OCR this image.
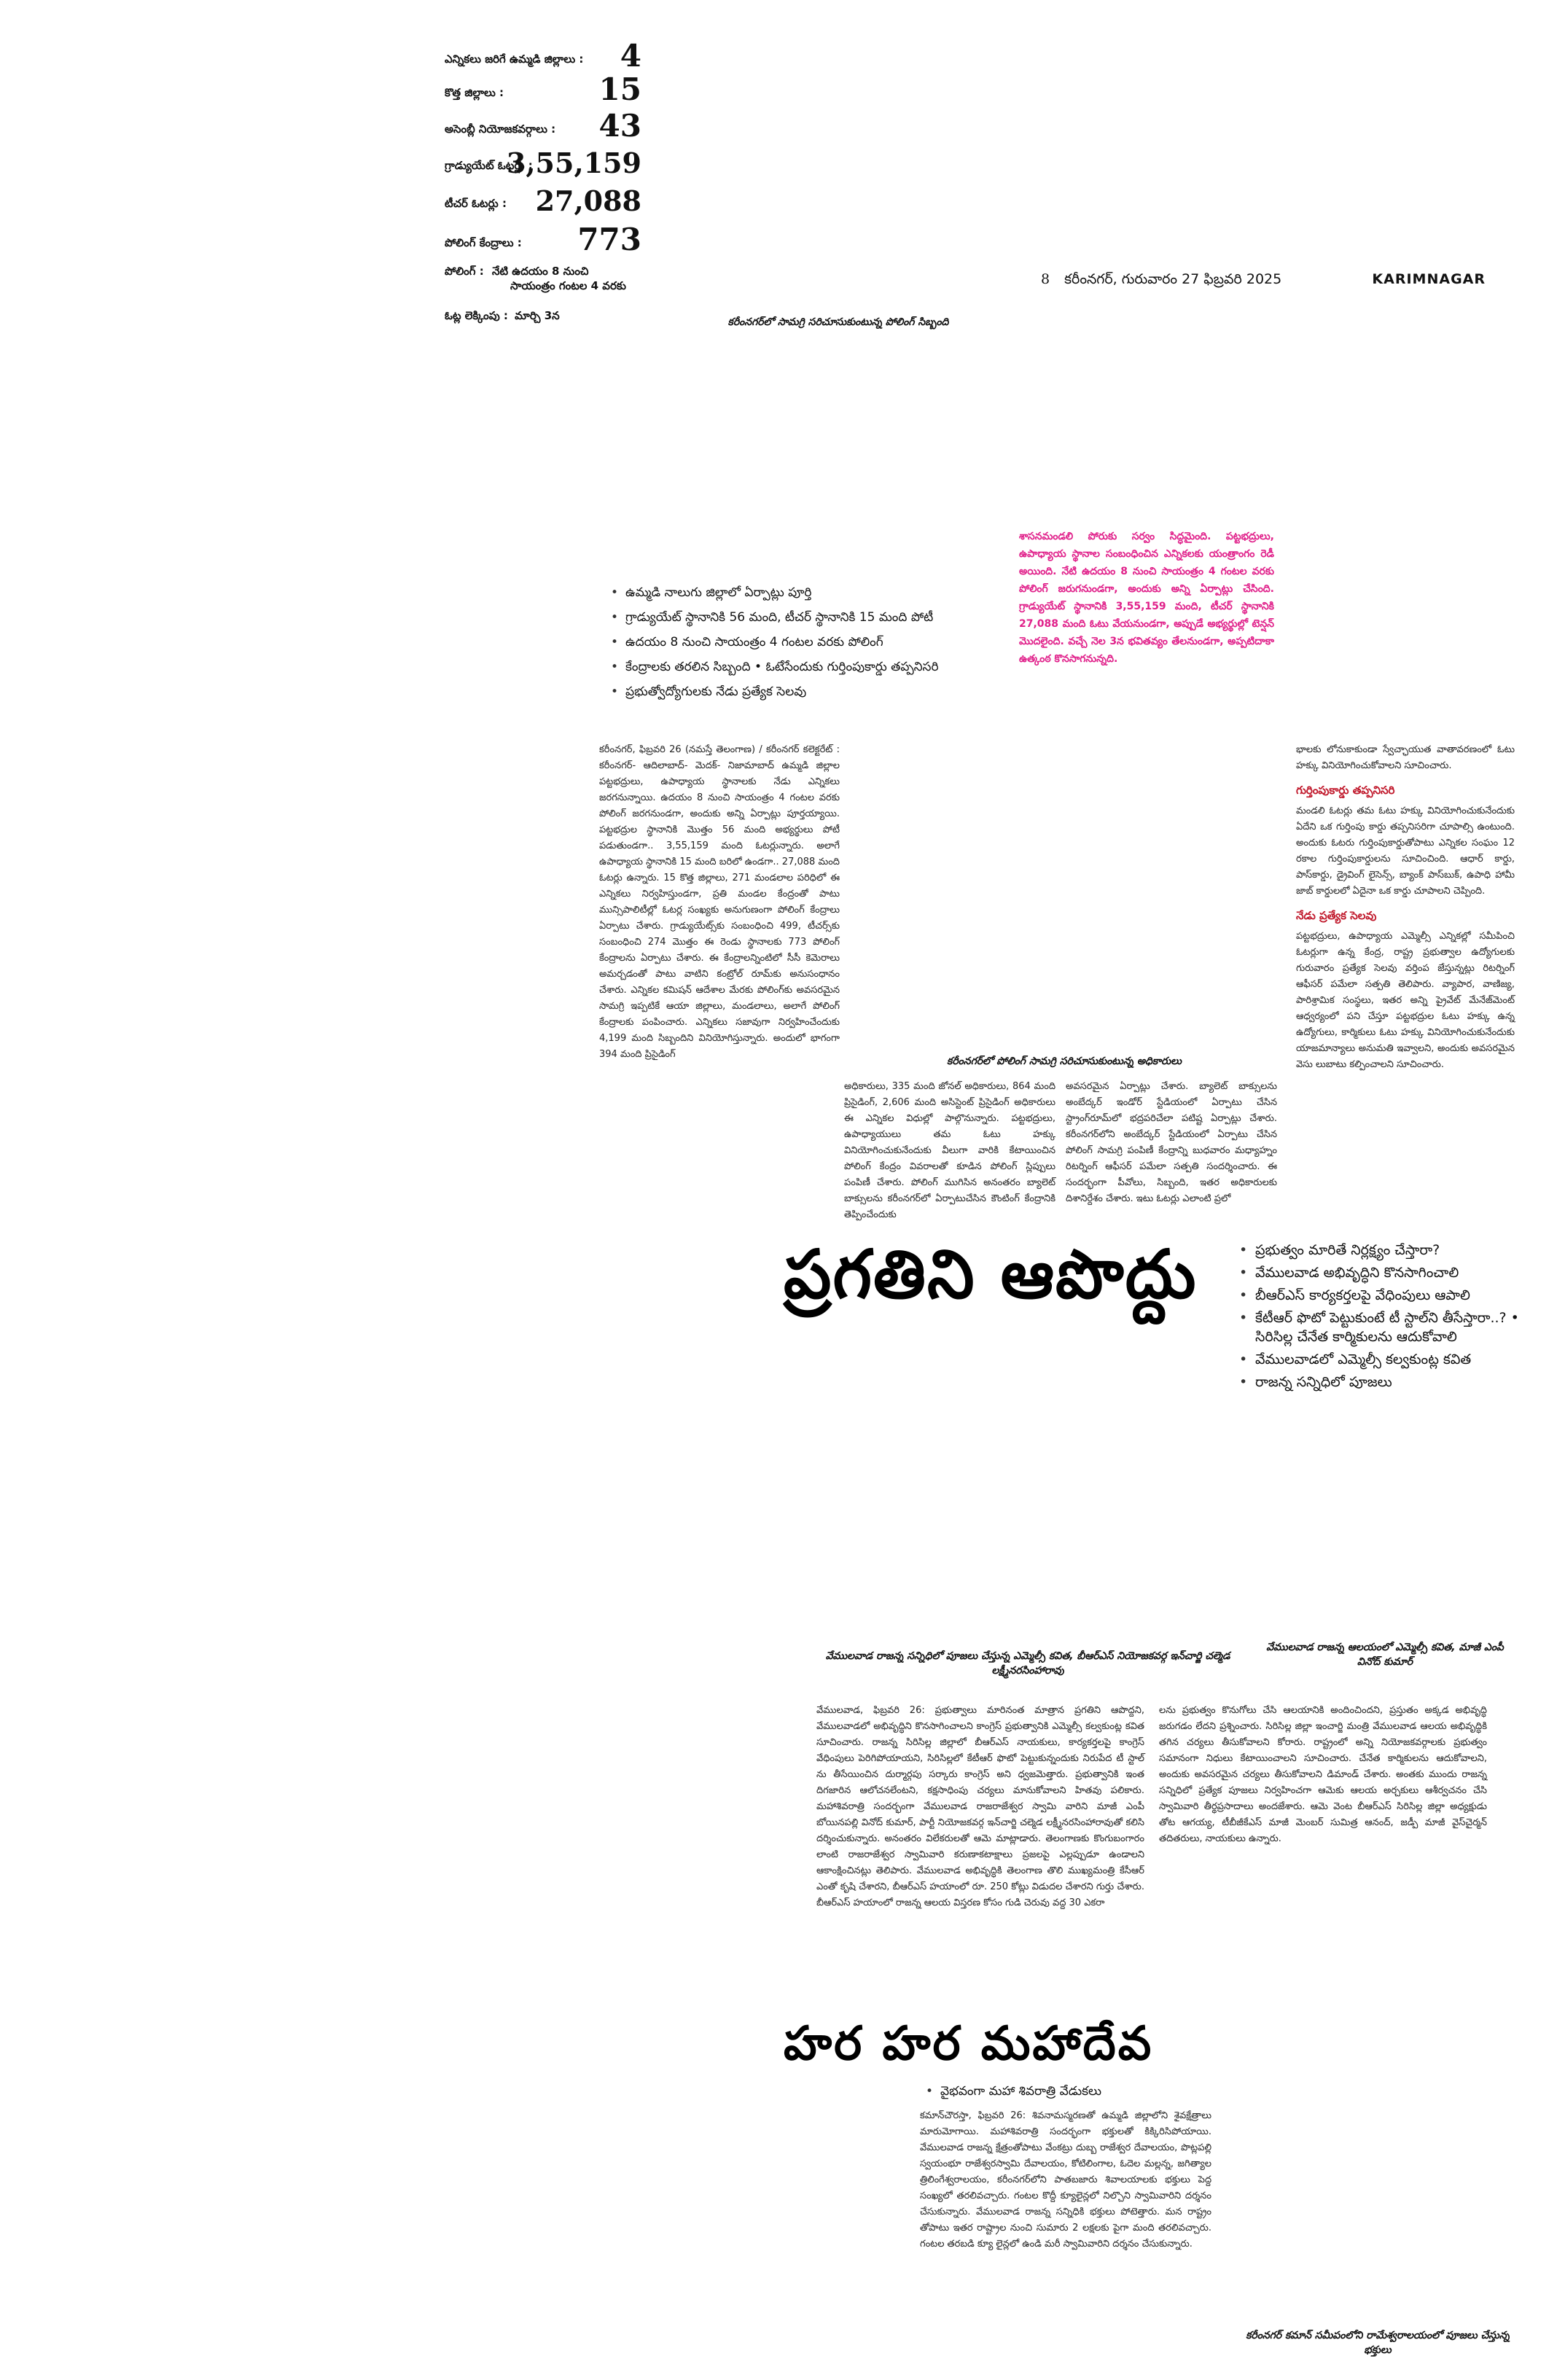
ఎన్నికలు జరిగే ఉమ్మడి జిల్లాలు : 4
కొత్త జిల్లాలు :	15
అసెంబ్లీ నియోజకవర్గాలు : 43
గ్రాడ్యుయేట్ ఓటర్లు :
3,55,159
టీచర్ ఓటర్లు : 27,088
పోలింగ్ కేంద్రాలు : 773
పోలింగ్ : నేటి ఉదయం 8 నుంచి
సాయంత్రం గంటల 4 వరకు
ఓట్ల లెక్కింపు : మార్చి 3న
8 కరీంనగర్, గురువారం 27 ఫిబ్రవరి 2025	KARIMNAGAR
కరీంనగర్‌లో సామగ్రి సరిచూసుకుంటున్న పోలింగ్ సిబ్బంది
• ఉమ్మడి నాలుగు జిల్లాలో ఏర్పాట్లు పూర్తి
• గ్రాడ్యుయేట్ స్థానానికి 56 మంది, టీచర్ స్థానానికి 15 మంది పోటీ
• ఉదయం 8 నుంచి సాయంత్రం 4 గంటల వరకు పోలింగ్
• కేంద్రాలకు తరలిన సిబ్బంది • ఓటేసేందుకు గుర్తింపుకార్డు తప్పనిసరి
• ప్రభుత్వోద్యోగులకు నేడు ప్రత్యేక సెలవు
శాసనమండలి పోరుకు సర్వం సిద్ధమైంది. పట్టభద్రులు, ఉపాధ్యాయ స్థానాల సంబంధించిన ఎన్నికలకు యంత్రాంగం రెడీ అయింది. నేటి ఉదయం 8 నుంచి సాయంత్రం 4 గంటల వరకు పోలింగ్ జరుగనుండగా, అందుకు అన్ని ఏర్పాట్లు చేసింది. గ్రాడ్యుయేట్ స్థానానికి 3,55,159 మంది, టీచర్ స్థానానికి 27,088 మంది ఓటు వేయనుండగా, అప్పుడే అభ్యర్థుల్లో టెన్షన్ మొదలైంది. వచ్చే నెల 3న భవితవ్యం తేలనుండగా, అప్పటిదాకా ఉత్కంఠ కొనసాగనున్నది.
కరీంనగర్, ఫిబ్రవరి 26 (నమస్తే తెలంగాణ) / కరీంనగర్ కలెక్టరేట్ : కరీంనగర్- ఆదిలాబాద్- మెదక్- నిజామాబాద్ ఉమ్మడి జిల్లాల పట్టభద్రులు, ఉపాధ్యాయ స్థానాలకు నేడు ఎన్నికలు జరగనున్నాయి. ఉదయం 8 నుంచి సాయంత్రం 4 గంటల వరకు పోలింగ్ జరగనుండగా, అందుకు అన్ని ఏర్పాట్లు పూర్తయ్యాయి. పట్టభద్రుల స్థానానికి మొత్తం 56 మంది అభ్యర్థులు పోటీ పడుతుండగా.. 3,55,159 మంది ఓటర్లున్నారు. అలాగే ఉపాధ్యాయ స్థానానికి 15 మంది బరిలో ఉండగా.. 27,088 మంది ఓటర్లు ఉన్నారు. 15 కొత్త జిల్లాలు, 271 మండలాల పరిధిలో ఈ ఎన్నికలు నిర్వహిస్తుండగా, ప్రతి మండల కేంద్రంతో పాటు మున్సిపాలిటీల్లో ఓటర్ల సంఖ్యకు అనుగుణంగా పోలింగ్ కేంద్రాలు ఏర్పాటు చేశారు. గ్రాడ్యుయేట్స్‌కు సంబంధించి 499, టీచర్స్‌కు సంబంధించి 274 మొత్తం ఈ రెండు స్థానాలకు 773 పోలింగ్ కేంద్రాలను ఏర్పాటు చేశారు. ఈ కేంద్రాలన్నింటిలో సీసీ కెమెరాలు అమర్చడంతో పాటు వాటిని కంట్రోల్ రూమ్‌కు అనుసంధానం చేశారు. ఎన్నికల కమిషన్ ఆదేశాల మేరకు పోలింగ్‌కు అవసరమైన సామగ్రి ఇప్పటికే ఆయా జిల్లాలు, మండలాలు, అలాగే పోలింగ్ కేంద్రాలకు పంపించారు. ఎన్నికలు సజావుగా నిర్వహించేందుకు 4,199 మంది సిబ్బందిని వినియోగిస్తున్నారు. అందులో భాగంగా 394 మంది ప్రిసైడింగ్
కరీంనగర్‌లో పోలింగ్ సామగ్రి సరిచూసుకుంటున్న అధికారులు
అధికారులు, 335 మంది జోనల్ అధికారులు, 864 మంది ప్రిసైడింగ్, 2,606 మంది అసిస్టెంట్ ప్రిసైడింగ్ అధికారులు ఈ ఎన్నికల విధుల్లో పాల్గొనున్నారు. పట్టభద్రులు, ఉపాధ్యాయులు తమ ఓటు హక్కు వినియోగించుకునేందుకు వీలుగా వారికి కేటాయించిన పోలింగ్ కేంద్రం వివరాలతో కూడిన పోలింగ్ స్లిప్పులు పంపిణీ చేశారు. పోలింగ్ ముగిసిన అనంతరం బ్యాలెట్ బాక్సులను కరీంనగర్‌లో ఏర్పాటుచేసిన కౌంటింగ్ కేంద్రానికి తెప్పించేందుకు
అవసరమైన ఏర్పాట్లు చేశారు. బ్యాలెట్ బాక్సులను అంబేద్కర్ ఇండోర్ స్టేడియంలో ఏర్పాటు చేసిన స్ట్రాంగ్‌రూమ్‌లో భద్రపరిచేలా పటిష్ట ఏర్పాట్లు చేశారు. కరీంనగర్‌లోని అంబేద్కర్ స్టేడియంలో ఏర్పాటు చేసిన పోలింగ్ సామగ్రి పంపిణీ కేంద్రాన్ని బుధవారం మధ్యాహ్నం రిటర్నింగ్ ఆఫీసర్ పమేలా సత్పతి సందర్శించారు. ఈ సందర్భంగా పీవోలు, సిబ్బంది, ఇతర అధికారులకు దిశానిర్దేశం చేశారు. ఇటు ఓటర్లు ఎలాంటి ప్రలో
భాలకు లోనుకాకుండా స్వేచ్ఛాయుత వాతావరణంలో ఓటు హక్కు వినియోగించుకోవాలని సూచించారు.
గుర్తింపుకార్డు తప్పనిసరి
మండలి ఓటర్లు తమ ఓటు హక్కు వినియోగించుకునేందుకు ఏదేని ఒక గుర్తింపు కార్డు తప్పనిసరిగా చూపాల్సి ఉంటుంది. అందుకు ఓటరు గుర్తింపుకార్డుతోపాటు ఎన్నికల సంఘం 12 రకాల గుర్తింపుకార్డులను సూచించింది. ఆధార్ కార్డు, పాస్‌కార్డు, డ్రైవింగ్ లైసెన్స్, బ్యాంక్ పాస్‌బుక్, ఉపాధి హామీ జాబ్ కార్డులలో ఏదైనా ఒక కార్డు చూపాలని చెప్పింది.
నేడు ప్రత్యేక సెలవు
పట్టభద్రులు, ఉపాధ్యాయ ఎమ్మెల్సీ ఎన్నికల్లో సమీపించి ఓటర్లుగా ఉన్న కేంద్ర, రాష్ట్ర ప్రభుత్వాల ఉద్యోగులకు గురువారం ప్రత్యేక సెలవు వర్తింప జేస్తున్నట్లు రిటర్నింగ్ ఆఫీసర్ పమేలా సత్పతి తెలిపారు. వ్యాపార, వాణిజ్య, పారిశ్రామిక సంస్థలు, ఇతర అన్ని ప్రైవేట్ మేనేజ్‌మెంట్ ఆధ్వర్యంలో పని చేస్తూ పట్టభద్రుల ఓటు హక్కు ఉన్న ఉద్యోగులు, కార్మికులు ఓటు హక్కు వినియోగించుకునేందుకు యాజమాన్యాలు అనుమతి ఇవ్వాలని, అందుకు అవసరమైన వెసు లుబాటు కల్పించాలని సూచించారు.
ప్రగతిని ఆపొద్దు
•	ప్రభుత్వం మారితే నిర్లక్ష్యం చేస్తారా?
• వేములవాడ అభివృద్ధిని కొనసాగించాలి
• బీఆర్‌ఎస్ కార్యకర్తలపై వేధింపులు ఆపాలి
• కేటీఆర్ ఫొటో పెట్టుకుంటే టీ స్టాల్‌ని తీసేస్తారా..? • సిరిసిల్ల చేనేత కార్మికులను ఆదుకోవాలి
• వేములవాడలో ఎమ్మెల్సీ కల్వకుంట్ల కవిత
• రాజన్న సన్నిధిలో పూజలు
వేములవాడ రాజన్న సన్నిధిలో పూజలు చేస్తున్న ఎమ్మెల్సీ కవిత, బీఆర్ఎస్ నియోజకవర్గ ఇన్‌చార్జి చల్మెడ లక్ష్మీనరసింహారావు
వేములవాడ రాజన్న ఆలయంలో ఎమ్మెల్సీ కవిత, మాజీ ఎంపీ వినోద్ కుమార్
వేములవాడ, ఫిబ్రవరి 26: ప్రభుత్వాలు మారినంత మాత్రాన ప్రగతిని ఆపొద్దని, వేములవాడలో అభివృద్ధిని కొనసాగించాలని కాంగ్రెస్ ప్రభుత్వానికి ఎమ్మెల్సీ కల్వకుంట్ల కవిత సూచించారు. రాజన్న సిరిసిల్ల జిల్లాలో బీఆర్‌ఎస్ నాయకులు, కార్యకర్తలపై కాంగ్రెస్ వేధింపులు పెరిగిపోయాయని, సిరిసిల్లలో కేటీఆర్ ఫొటో పెట్టుకున్నందుకు నిరుపేద టీ స్టాల్ ను తీసేయించిన దుర్మార్గపు సర్కారు కాంగ్రెస్ అని ధ్వజమెత్తారు. ప్రభుత్వానికి ఇంత దిగజారిన ఆలోచనలేంటని, కక్షసాధింపు చర్యలు మానుకోవాలని హితవు పలికారు. మహాశివరాత్రి సందర్భంగా వేములవాడ రాజరాజేశ్వర స్వామి వారిని మాజీ ఎంపీ బోయినపల్లి వినోద్ కుమార్, పార్టీ నియోజకవర్గ ఇన్‌చార్జి చల్మెడ లక్ష్మీనరసింహారావుతో కలిసి దర్శించుకున్నారు. అనంతరం విలేకరులతో ఆమె మాట్లాడారు. తెలంగాణకు కొంగుబంగారం లాంటి రాజరాజేశ్వర స్వామివారి కరుణాకటాక్షాలు ప్రజలపై ఎల్లప్పుడూ ఉండాలని ఆకాంక్షించినట్లు తెలిపారు. వేములవాడ అభివృద్ధికి తెలంగాణ తొలి ముఖ్యమంత్రి కేసీఆర్ ఎంతో కృషి చేశారని, బీఆర్‌ఎస్ హయాంలో రూ. 250 కోట్లు విడుదల చేశారని గుర్తు చేశారు. బీఆర్‌ఎస్ హయాంలో రాజన్న ఆలయ విస్తరణ కోసం గుడి చెరువు వద్ద 30 ఎకరా
లను ప్రభుత్వం కొనుగోలు చేసి ఆలయానికి అందించిందని, ప్రస్తుతం అక్కడ అభివృద్ధి జరుగడం లేదని ప్రశ్నించారు. సిరిసిల్ల జిల్లా ఇంచార్జి మంత్రి వేములవాడ ఆలయ అభివృద్ధికి తగిన చర్యలు తీసుకోవాలని కోరారు. రాష్ట్రంలో అన్ని నియోజకవర్గాలకు ప్రభుత్వం సమానంగా నిధులు కేటాయించాలని సూచించారు. చేనేత కార్మికులను ఆదుకోవాలని, అందుకు అవసరమైన చర్యలు తీసుకోవాలని డిమాండ్ చేశారు. అంతకు ముందు రాజన్న సన్నిధిలో ప్రత్యేక పూజలు నిర్వహించగా ఆమెకు ఆలయ అర్చకులు ఆశీర్వచనం చేసి స్వామివారి తీర్థప్రసాదాలు అందజేశారు. ఆమె వెంట బీఆర్‌ఎస్ సిరిసిల్ల జిల్లా అధ్యక్షుడు తోట ఆగయ్య, టీబీజీకేఎస్ మాజీ మెంబర్ సుమిత్ర ఆనంద్, జడ్పీ మాజీ వైస్‌చైర్మన్ తదితరులు, నాయకులు ఉన్నారు.
హర హర మహాదేవ
• వైభవంగా మహా శివరాత్రి వేడుకలు
కమాన్‌చౌరస్తా, ఫిబ్రవరి 26: శివనామస్మరణతో ఉమ్మడి జిల్లాలోని శైవక్షేత్రాలు మారుమోగాయి. మహాశివరాత్రి సందర్భంగా భక్తులతో కిక్కిరిసిపోయాయి. వేములవాడ రాజన్న క్షేత్రంతోపాటు వేంకట్రు దుబ్బ రాజేశ్వర దేవాలయం, పొట్లపల్లి స్వయంభూ రాజేశ్వరస్వామి దేవాలయం, కోటిలింగాల, ఓదెల మల్లన్న, జగిత్యాల త్రిలింగేశ్వరాలయం, కరీంనగర్‌లోని పాతబజారు శివాలయాలకు భక్తులు పెద్ద సంఖ్యలో తరలివచ్చారు. గంటల కొద్దీ క్యూలైన్లలో నిల్చొని స్వామివారిని దర్శనం చేసుకున్నారు. వేములవాడ రాజన్న సన్నిధికి భక్తులు పోటెత్తారు. మన రాష్ట్రం తోపాటు ఇతర రాష్ట్రాల నుంచి సుమారు 2 లక్షలకు పైగా మంది తరలివచ్చారు. గంటల తరబడి క్యూ లైన్లలో ఉండి మరీ స్వామివారిని దర్శనం చేసుకున్నారు.
కరీంనగర్ కమాన్ సమీపంలోని రామేశ్వరాలయంలో పూజలు చేస్తున్న భక్తులు
